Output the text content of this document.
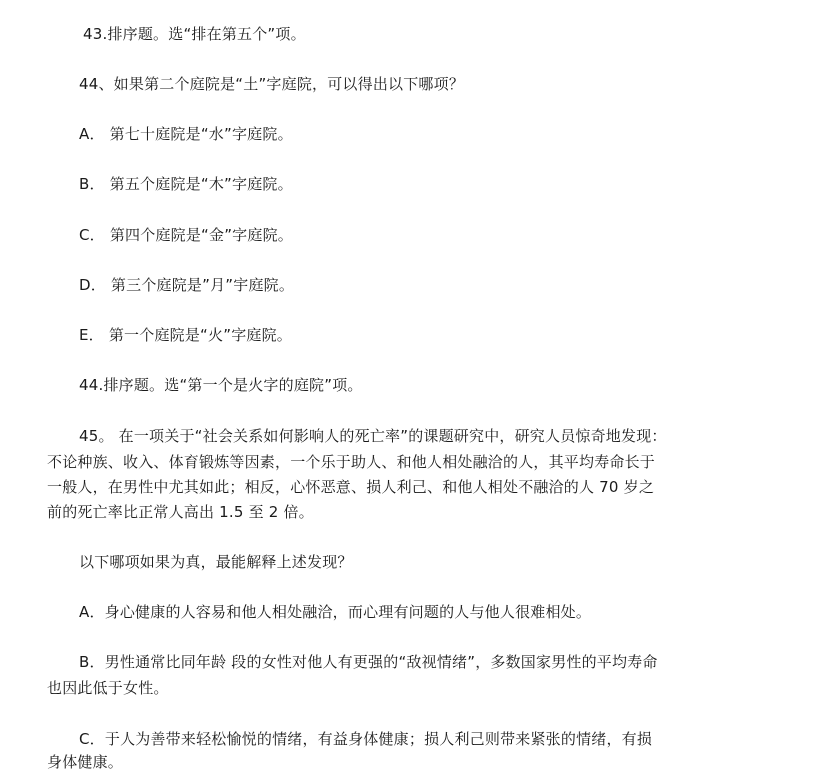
43.排序题。选“排在第五个”项。
44、如果第二个庭院是“土”字庭院，可以得出以下哪项？
A． 第七十庭院是“水”字庭院。
B． 第五个庭院是“木”字庭院。
C． 第四个庭院是“金”字庭院。
D． 第三个庭院是”月”宇庭院。
E． 第一个庭院是“火”字庭院。
44.排序题。选“第一个是火字的庭院”项。
45。 在一项关于“社会关系如何影响人的死亡率”的课题研究中，研究人员惊奇地发现：
不论种族、收入、体育锻炼等因素，一个乐于助人、和他人相处融洽的人，其平均寿命长于
一般人，在男性中尤其如此；相反，心怀恶意、损人利己、和他人相处不融洽的人 70 岁之
前的死亡率比正常人高出 1.5 至 2 倍。
以下哪项如果为真，最能解释上述发现？
A．身心健康的人容易和他人相处融洽，而心理有问题的人与他人很难相处。
B．男性通常比同年龄 段的女性对他人有更强的“敌视情绪”，多数国家男性的平均寿命
也因此低于女性。
C．于人为善带来轻松愉悦的情绪，有益身体健康；损人利己则带来紧张的情绪，有损
身体健康。
